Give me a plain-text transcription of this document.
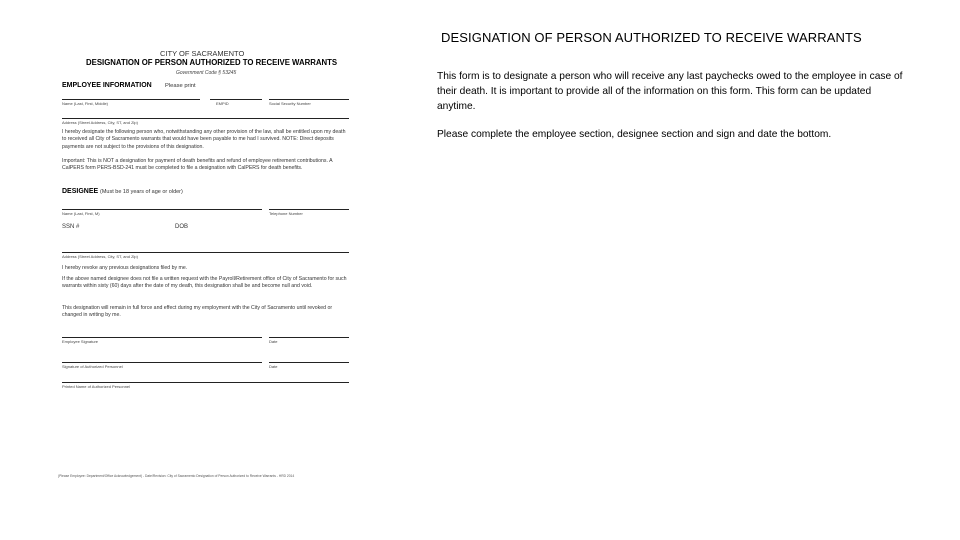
CITY OF SACRAMENTO
DESIGNATION OF PERSON AUTHORIZED TO RECEIVE WARRANTS
Government Code § 53245
EMPLOYEE INFORMATION Please print
Name (Last, First, Middle)	EMPID	Social Security Number
Address (Street Address, City, ST, and Zip)
I hereby designate the following person who, notwithstanding any other provision of the law, shall be entitled upon my death to received all City of Sacramento warrants that would have been payable to me had I survived. NOTE: Direct deposits payments are not subject to the provisions of this designation.
Important: This is NOT a designation for payment of death benefits and refund of employee retirement contributions. A CalPERS form PERS-BSD-241 must be completed to file a designation with CalPERS for death benefits.
DESIGNEE (Must be 18 years of age or older)
Name (Last, First, M)	Telephone Number
SSN #	DOB
Address (Street Address, City, ST, and Zip)
I hereby revoke any previous designations filed by me.
If the above named designee does not file a written request with the Payroll/Retirement office of City of Sacramento for such warrants within sixty (60) days after the date of my death, this designation shall be and become null and void.
This designation will remain in full force and effect during my employment with the City of Sacramento until revoked or changed in writing by me.
Employee Signature	Date
Signature of Authorized Personnel	Date
Printed Name of Authorized Personnel
(Please Employee: Department/Office Acknowledgement) - Date/Revision: City of Sacramento Designation of Person Authorized to Receive Warrants - HRD 2014
DESIGNATION OF PERSON AUTHORIZED TO RECEIVE WARRANTS
This form is to designate a person who will receive any last paychecks owed to the employee in case of their death. It is important to provide all of the information on this form. This form can be updated anytime.
Please complete the employee section, designee section and sign and date the bottom.
